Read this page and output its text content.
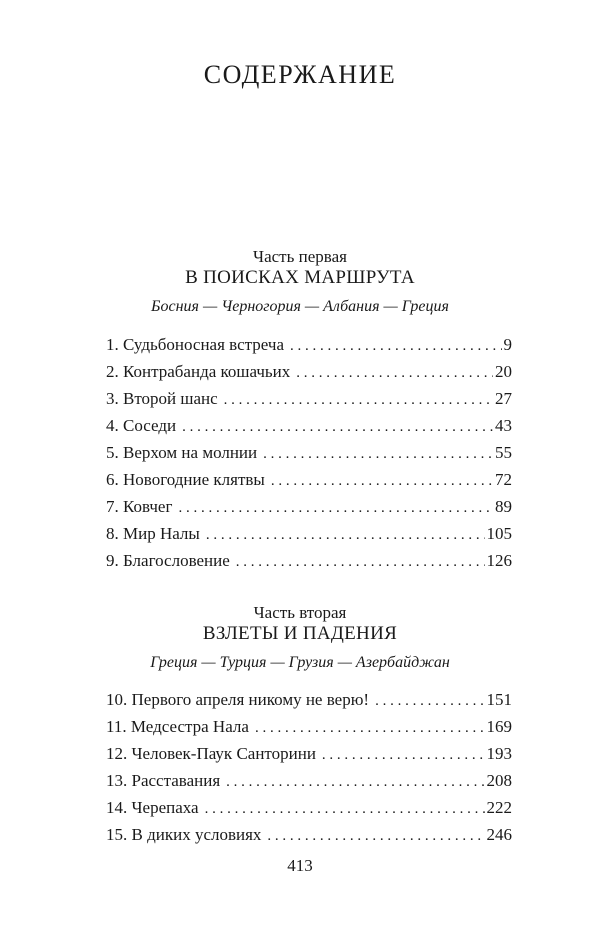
СОДЕРЖАНИЕ
Часть первая
В ПОИСКАХ МАРШРУТА
Босния — Черногория — Албания — Греция
1. Судьбоносная встреча . . .	9
2. Контрабанда кошачьих . . .	20
3. Второй шанс . . .	27
4. Соседи . . .	43
5. Верхом на молнии . . .	55
6. Новогодние клятвы . . .	72
7. Ковчег . . .	89
8. Мир Налы . . .	105
9. Благословение . . .	126
Часть вторая
ВЗЛЕТЫ И ПАДЕНИЯ
Греция — Турция — Грузия — Азербайджан
10. Первого апреля никому не верю! . . .	151
11. Медсестра Нала . . .	169
12. Человек-Паук Санторини . . .	193
13. Расставания . . .	208
14. Черепаха . . .	222
15. В диких условиях . . .	246
413
